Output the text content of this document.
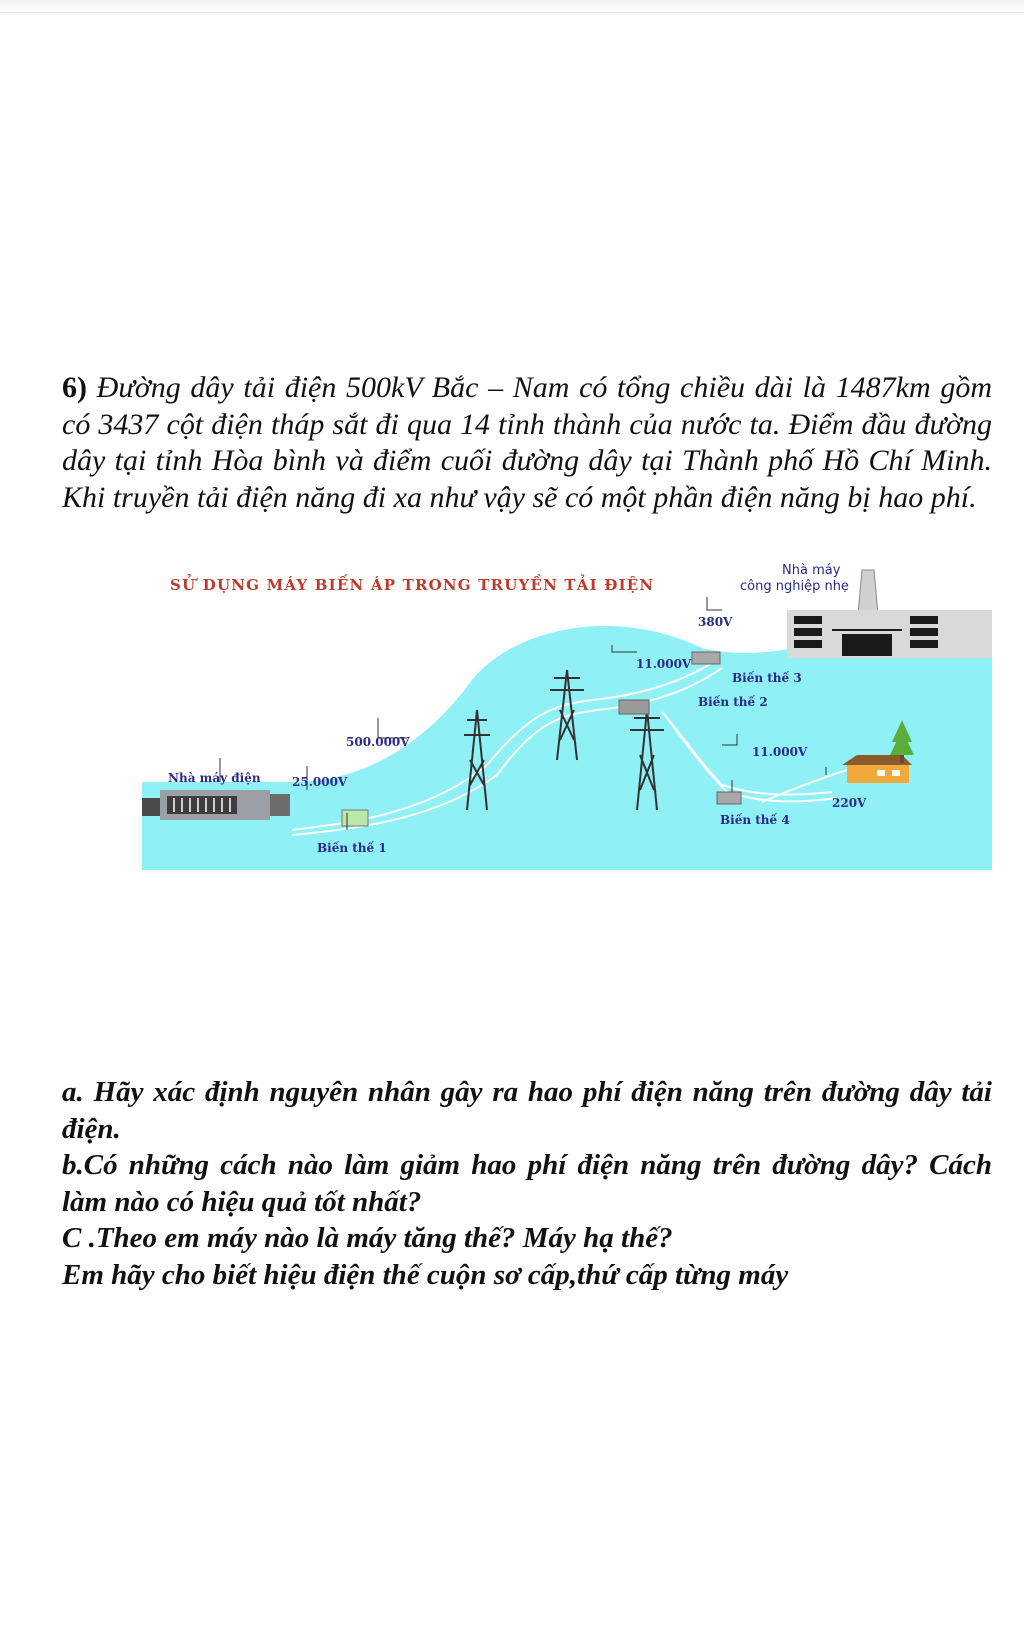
6) Đường dây tải điện 500kV Bắc – Nam có tổng chiều dài là 1487km gồm có 3437 cột điện tháp sắt đi qua 14 tỉnh thành của nước ta. Điểm đầu đường dây tại tỉnh Hòa bình và điểm cuối đường dây tại Thành phố Hồ Chí Minh. Khi truyền tải điện năng đi xa như vậy sẽ có một phần điện năng bị hao phí.
SỬ DỤNG MÁY BIẾN ÁP TRONG TRUYỀN TẢI ĐIỆN
Nhà máy
công nghiệp nhẹ
380V
11.000V
Biến thế 3
Biến thế 2
500.000V
11.000V
Nhà máy điện	25.000V
220V
Biến thế 4
Biến thế 1

a. Hãy xác định nguyên nhân gây ra hao phí điện năng trên đường dây tải điện.

b.Có những cách nào làm giảm hao phí điện năng trên đường dây? Cách làm nào có hiệu quả tốt nhất?

C .Theo em máy nào là máy tăng thế? Máy hạ thế?

Em hãy cho biết hiệu điện thế cuộn sơ cấp,thứ cấp từng máy
